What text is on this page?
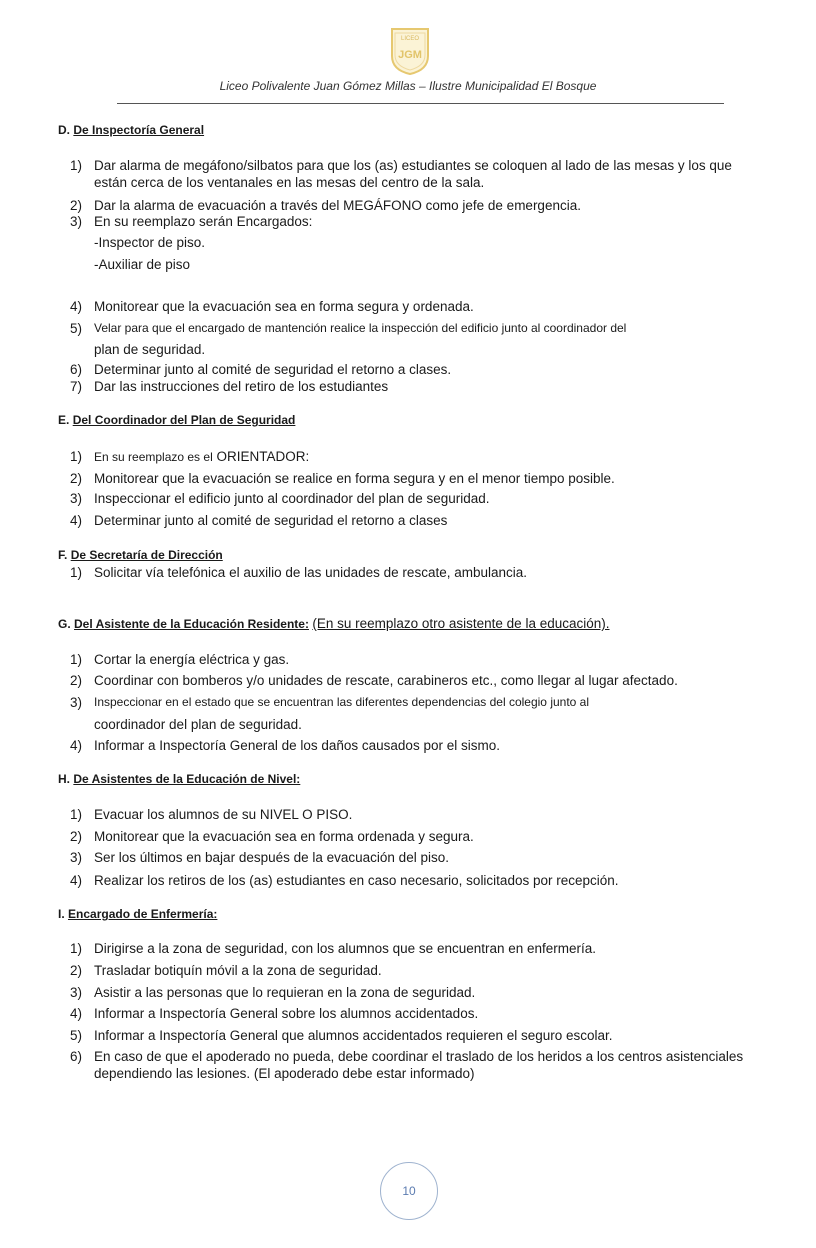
LICEO
JGM
Liceo Polivalente Juan Gómez Millas – Ilustre Municipalidad El Bosque
D. De Inspectoría General
1) Dar alarma de megáfono/silbatos para que los (as) estudiantes se coloquen al lado de las mesas y los que están cerca de los ventanales en las mesas del centro de la sala.
2) Dar la alarma de evacuación a través del MEGÁFONO como jefe de emergencia.
3) En su reemplazo serán Encargados:
-Inspector de piso.
-Auxiliar de piso
4) Monitorear que la evacuación sea en forma segura y ordenada.
5) Velar para que el encargado de mantención realice la inspección del edificio junto al coordinador del
plan de seguridad.
6) Determinar junto al comité de seguridad el retorno a clases.
7) Dar las instrucciones del retiro de los estudiantes
E. Del Coordinador del Plan de Seguridad
1) En su reemplazo es el ORIENTADOR:
2) Monitorear que la evacuación se realice en forma segura y en el menor tiempo posible.
3) Inspeccionar el edificio junto al coordinador del plan de seguridad.
4) Determinar junto al comité de seguridad el retorno a clases
F. De Secretaría de Dirección
1) Solicitar vía telefónica el auxilio de las unidades de rescate, ambulancia.
G. Del Asistente de la Educación Residente: (En su reemplazo otro asistente de la educación).
1) Cortar la energía eléctrica y gas.
2) Coordinar con bomberos y/o unidades de rescate, carabineros etc., como llegar al lugar afectado.
3) Inspeccionar en el estado que se encuentran las diferentes dependencias del colegio junto al
coordinador del plan de seguridad.
4) Informar a Inspectoría General de los daños causados por el sismo.
H. De Asistentes de la Educación de Nivel:
1) Evacuar los alumnos de su NIVEL O PISO.
2) Monitorear que la evacuación sea en forma ordenada y segura.
3) Ser los últimos en bajar después de la evacuación del piso.
4) Realizar los retiros de los (as) estudiantes en caso necesario, solicitados por recepción.
I. Encargado de Enfermería:
1) Dirigirse a la zona de seguridad, con los alumnos que se encuentran en enfermería.
2) Trasladar botiquín móvil a la zona de seguridad.
3) Asistir a las personas que lo requieran en la zona de seguridad.
4) Informar a Inspectoría General sobre los alumnos accidentados.
5) Informar a Inspectoría General que alumnos accidentados requieren el seguro escolar.
6) En caso de que el apoderado no pueda, debe coordinar el traslado de los heridos a los centros asistenciales dependiendo las lesiones. (El apoderado debe estar informado)
10
